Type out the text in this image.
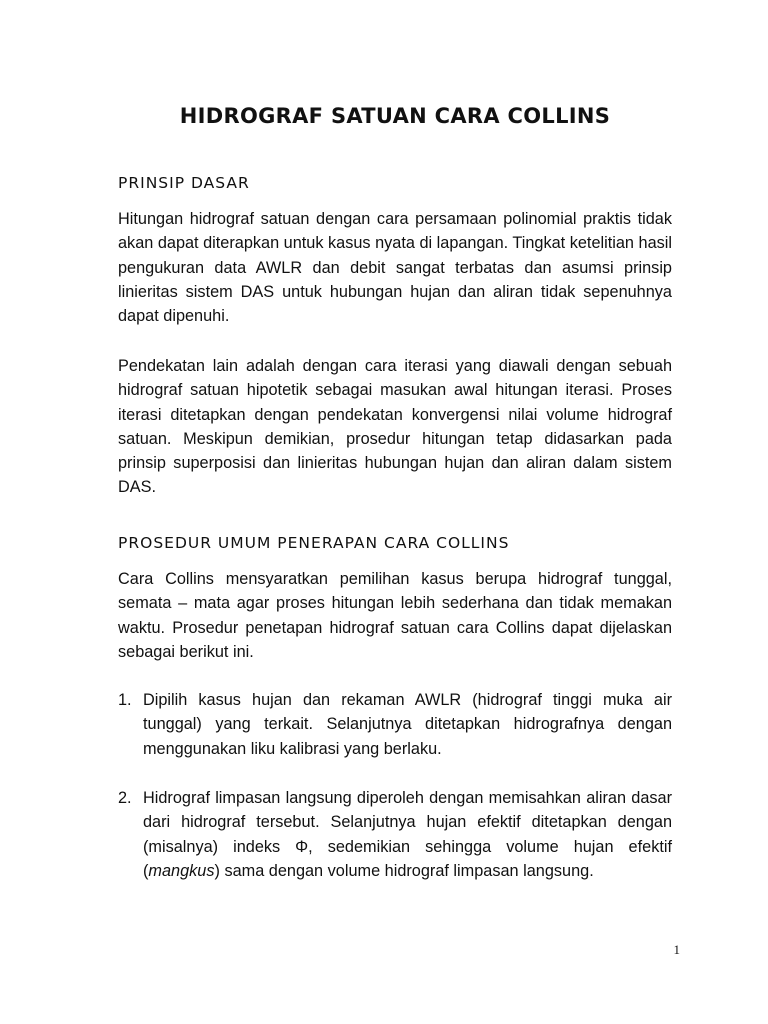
HIDROGRAF SATUAN CARA COLLINS
PRINSIP DASAR

Hitungan hidrograf satuan dengan cara persamaan polinomial praktis tidak akan dapat diterapkan untuk kasus nyata di lapangan. Tingkat ketelitian hasil pengukuran data AWLR dan debit sangat terbatas dan asumsi prinsip linieritas sistem DAS untuk hubungan hujan dan aliran tidak sepenuhnya dapat dipenuhi.

Pendekatan lain adalah dengan cara iterasi yang diawali dengan sebuah hidrograf satuan hipotetik sebagai masukan awal hitungan iterasi. Proses iterasi ditetapkan dengan pendekatan konvergensi nilai volume hidrograf satuan. Meskipun demikian, prosedur hitungan tetap didasarkan pada prinsip superposisi dan linieritas hubungan hujan dan aliran dalam sistem DAS.

PROSEDUR UMUM PENERAPAN CARA COLLINS

Cara Collins mensyaratkan pemilihan kasus berupa hidrograf tunggal, semata – mata agar proses hitungan lebih sederhana dan tidak memakan waktu. Prosedur penetapan hidrograf satuan cara Collins dapat dijelaskan sebagai berikut ini.

1. Dipilih kasus hujan dan rekaman AWLR (hidrograf tinggi muka air tunggal) yang terkait. Selanjutnya ditetapkan hidrografnya dengan menggunakan liku kalibrasi yang berlaku.
2. Hidrograf limpasan langsung diperoleh dengan memisahkan aliran dasar dari hidrograf tersebut. Selanjutnya hujan efektif ditetapkan dengan (misalnya) indeks Φ, sedemikian sehingga volume hujan efektif (mangkus) sama dengan volume hidrograf limpasan langsung.
1
